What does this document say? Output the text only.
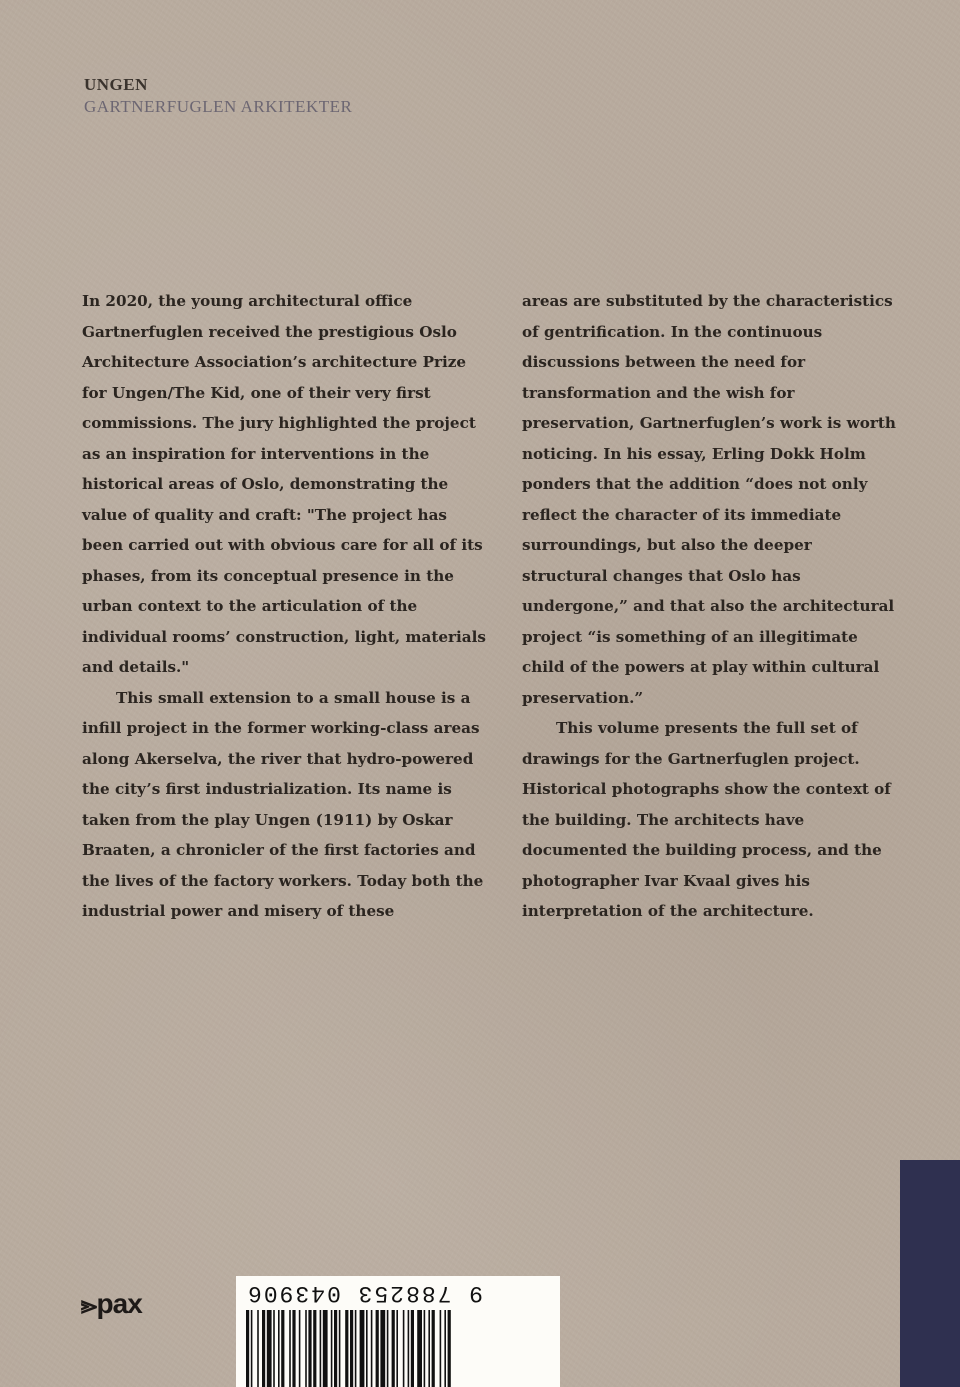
UNGEN
GARTNERFUGLEN ARKITEKTER

In 2020, the young architectural office Gartnerfuglen received the prestigious Oslo Architecture Association’s architecture Prize for Ungen/The Kid, one of their very first commissions. The jury highlighted the project as an inspiration for interventions in the historical areas of Oslo, demonstrating the value of quality and craft: "The project has been carried out with obvious care for all of its phases, from its conceptual presence in the urban context to the articulation of the individual rooms’ construction, light, materials and details."

This small extension to a small house is a infill project in the former working-class areas along Akerselva, the river that hydro-powered the city’s first industrialization. Its name is taken from the play Ungen (1911) by Oskar Braaten, a chronicler of the first factories and the lives of the factory workers. Today both the industrial power and misery of these

areas are substituted by the characteristics of gentrification. In the continuous discussions between the need for transformation and the wish for preservation, Gartnerfuglen’s work is worth noticing. In his essay, Erling Dokk Holm ponders that the addition “does not only reflect the character of its immediate surroundings, but also the deeper structural changes that Oslo has undergone,” and that also the architectural project “is something of an illegitimate child of the powers at play within cultural preservation.”

This volume presents the full set of drawings for the Gartnerfuglen project. Historical photographs show the context of the building. The architects have documented the building process, and the photographer Ivar Kvaal gives his interpretation of the architecture.

⪢pax	9 788253 043906
